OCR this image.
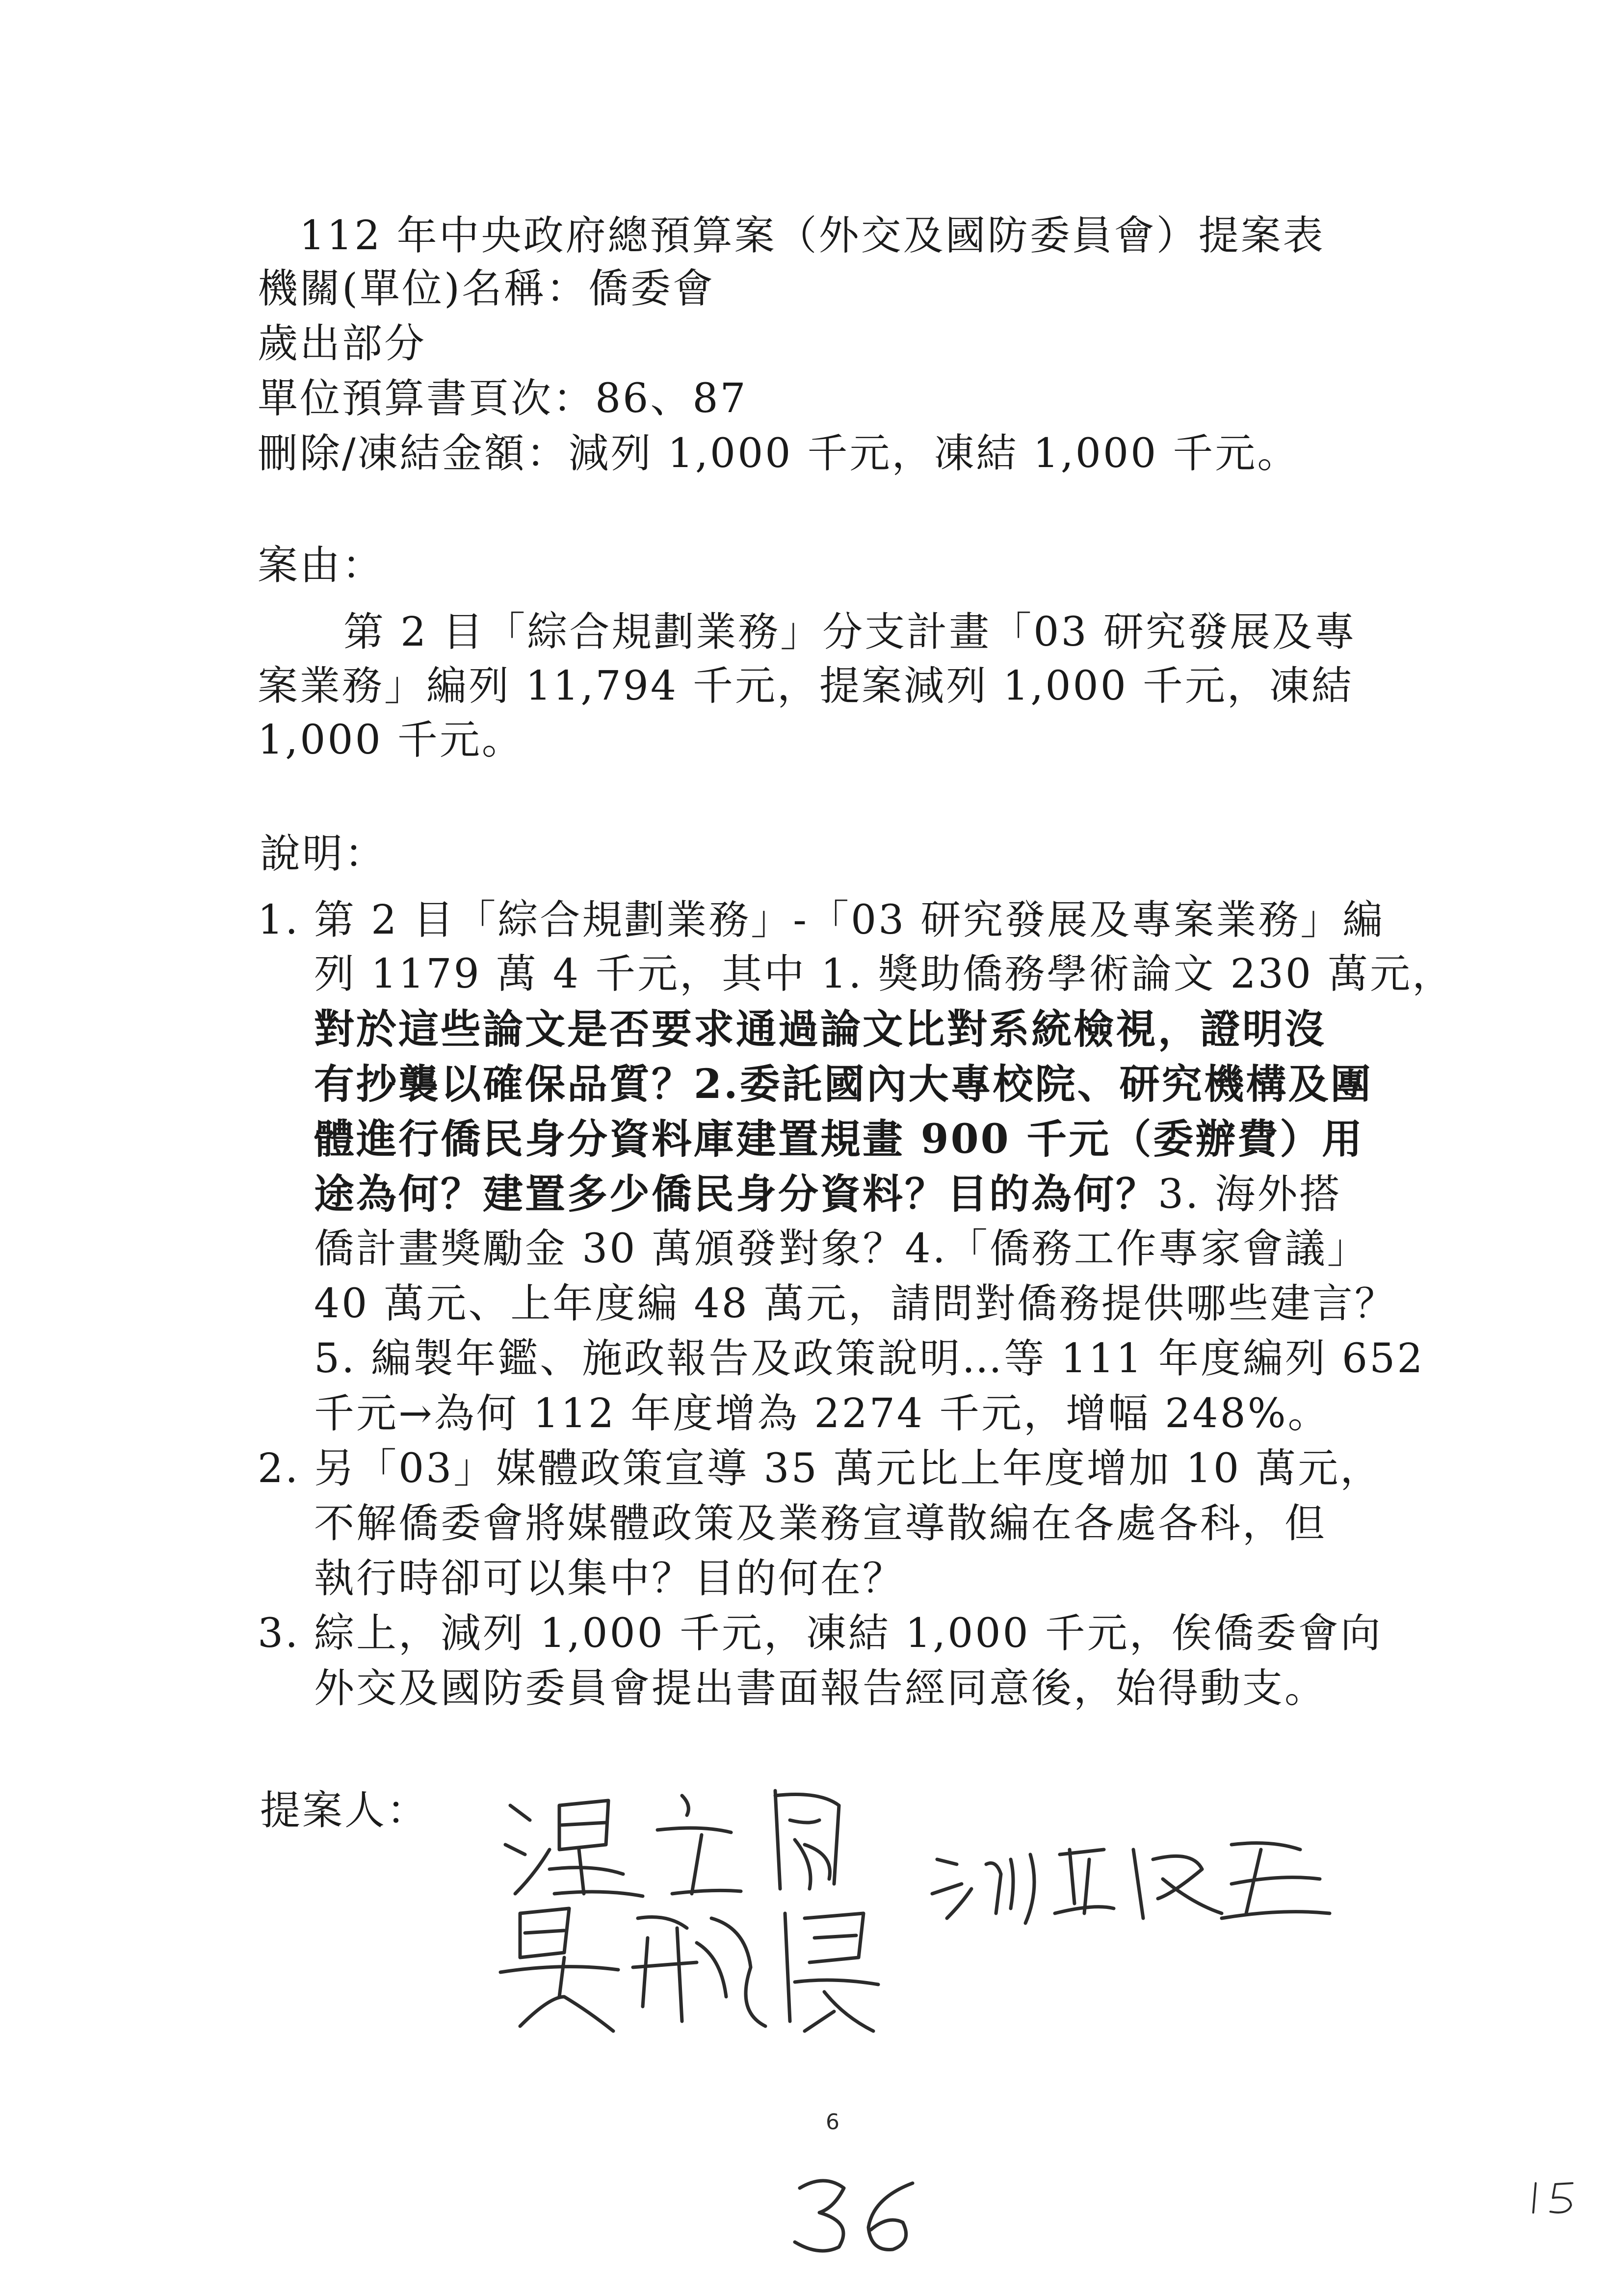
112 年中央政府總預算案（外交及國防委員會）提案表
機關(單位)名稱：僑委會
歲出部分
單位預算書頁次：86、87
刪除/凍結金額：減列 1,000 千元，凍結 1,000 千元。
案由：
第 2 目「綜合規劃業務」分支計畫「03 研究發展及專
案業務」編列 11,794 千元，提案減列 1,000 千元，凍結
1,000 千元。
說明：
1. 第 2 目「綜合規劃業務」-「03 研究發展及專案業務」編
列 1179 萬 4 千元，其中 1. 獎助僑務學術論文 230 萬元，
對於這些論文是否要求通過論文比對系統檢視，證明沒
有抄襲以確保品質？2.委託國內大專校院、研究機構及團
體進行僑民身分資料庫建置規畫 900 千元（委辦費）用
途為何？建置多少僑民身分資料？目的為何？3. 海外搭
僑計畫獎勵金 30 萬頒發對象？4.「僑務工作專家會議」
40 萬元、上年度編 48 萬元，請問對僑務提供哪些建言？
5. 編製年鑑、施政報告及政策說明…等 111 年度編列 652
千元→為何 112 年度增為 2274 千元，增幅 248%。
2. 另「03」媒體政策宣導 35 萬元比上年度增加 10 萬元，
不解僑委會將媒體政策及業務宣導散編在各處各科，但
執行時卻可以集中？目的何在？
3. 綜上，減列 1,000 千元，凍結 1,000 千元，俟僑委會向
外交及國防委員會提出書面報告經同意後，始得動支。
提案人：
6
